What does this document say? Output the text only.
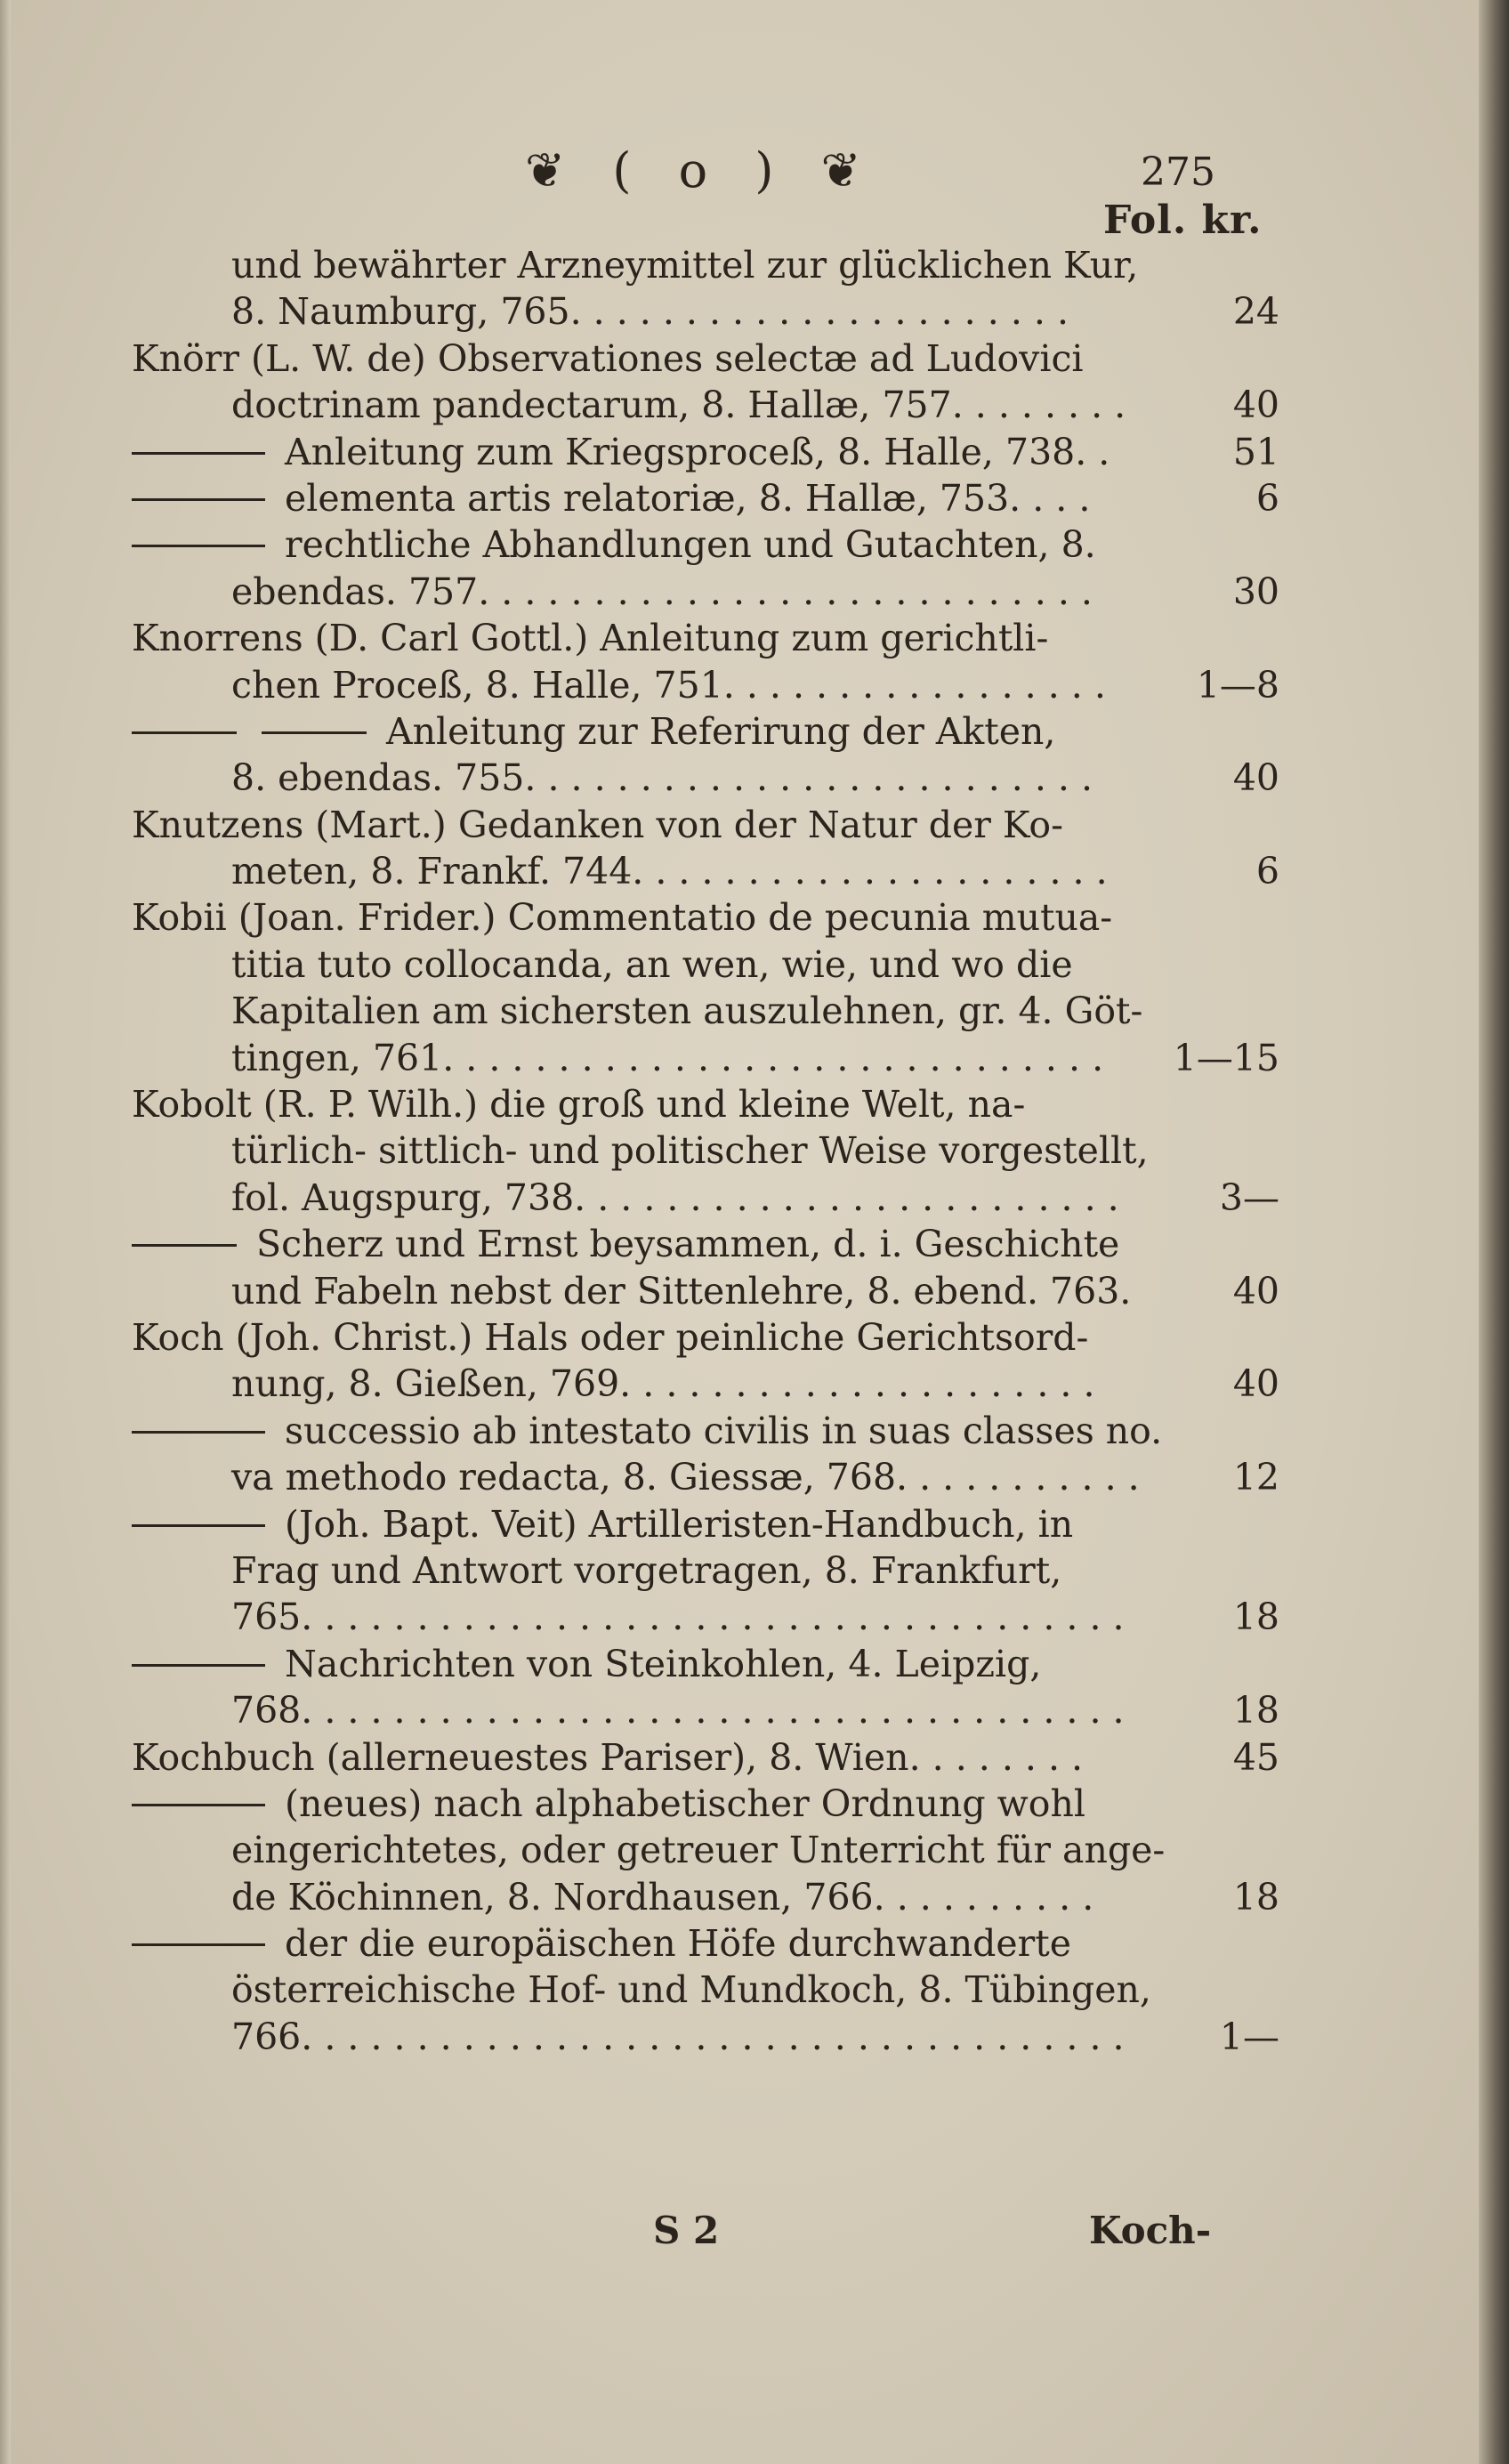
❦ ( o ) ❦	275
Fol. kr.
und bewährter Arzneymittel zur glücklichen Kur,
8. Naumburg, 765. . . . . . . . . . . . . . . . . . . . . .	24
Knörr (L. W. de) Observationes selectæ ad Ludovici
doctrinam pandectarum, 8. Hallæ, 757. . . . . . . .	40
Anleitung zum Kriegsproceß, 8. Halle, 738. .	51
elementa artis relatoriæ, 8. Hallæ, 753. . . .	6
rechtliche Abhandlungen und Gutachten, 8.
ebendas. 757. . . . . . . . . . . . . . . . . . . . . . . . . . .	30
Knorrens (D. Carl Gottl.) Anleitung zum gerichtli-
chen Proceß, 8. Halle, 751. . . . . . . . . . . . . . . . .	1—8
Anleitung zur Referirung der Akten,
8. ebendas. 755. . . . . . . . . . . . . . . . . . . . . . . . .	40
Knutzens (Mart.) Gedanken von der Natur der Ko-
meten, 8. Frankf. 744. . . . . . . . . . . . . . . . . . . . .	6
Kobii (Joan. Frider.) Commentatio de pecunia mutua-
titia tuto collocanda, an wen, wie, und wo die
Kapitalien am sichersten auszulehnen, gr. 4. Göt-
tingen, 761. . . . . . . . . . . . . . . . . . . . . . . . . . . . .	1—15
Kobolt (R. P. Wilh.) die groß und kleine Welt, na-
türlich- sittlich- und politischer Weise vorgestellt,
fol. Augspurg, 738. . . . . . . . . . . . . . . . . . . . . . . .	3—
Scherz und Ernst beysammen, d. i. Geschichte
und Fabeln nebst der Sittenlehre, 8. ebend. 763.	40
Koch (Joh. Christ.) Hals oder peinliche Gerichtsord-
nung, 8. Gießen, 769. . . . . . . . . . . . . . . . . . . . .	40
successio ab intestato civilis in suas classes no.
va methodo redacta, 8. Giessæ, 768. . . . . . . . . . .	12
(Joh. Bapt. Veit) Artilleristen-Handbuch, in
Frag und Antwort vorgetragen, 8. Frankfurt,
765. . . . . . . . . . . . . . . . . . . . . . . . . . . . . . . . . . . .	18
Nachrichten von Steinkohlen, 4. Leipzig,
768. . . . . . . . . . . . . . . . . . . . . . . . . . . . . . . . . . . .	18
Kochbuch (allerneuestes Pariser), 8. Wien. . . . . . . .	45
(neues) nach alphabetischer Ordnung wohl
eingerichtetes, oder getreuer Unterricht für ange-
de Köchinnen, 8. Nordhausen, 766. . . . . . . . . .	18
der die europäischen Höfe durchwanderte
österreichische Hof- und Mundkoch, 8. Tübingen,
766. . . . . . . . . . . . . . . . . . . . . . . . . . . . . . . . . . . .	1—
S 2	Koch-
